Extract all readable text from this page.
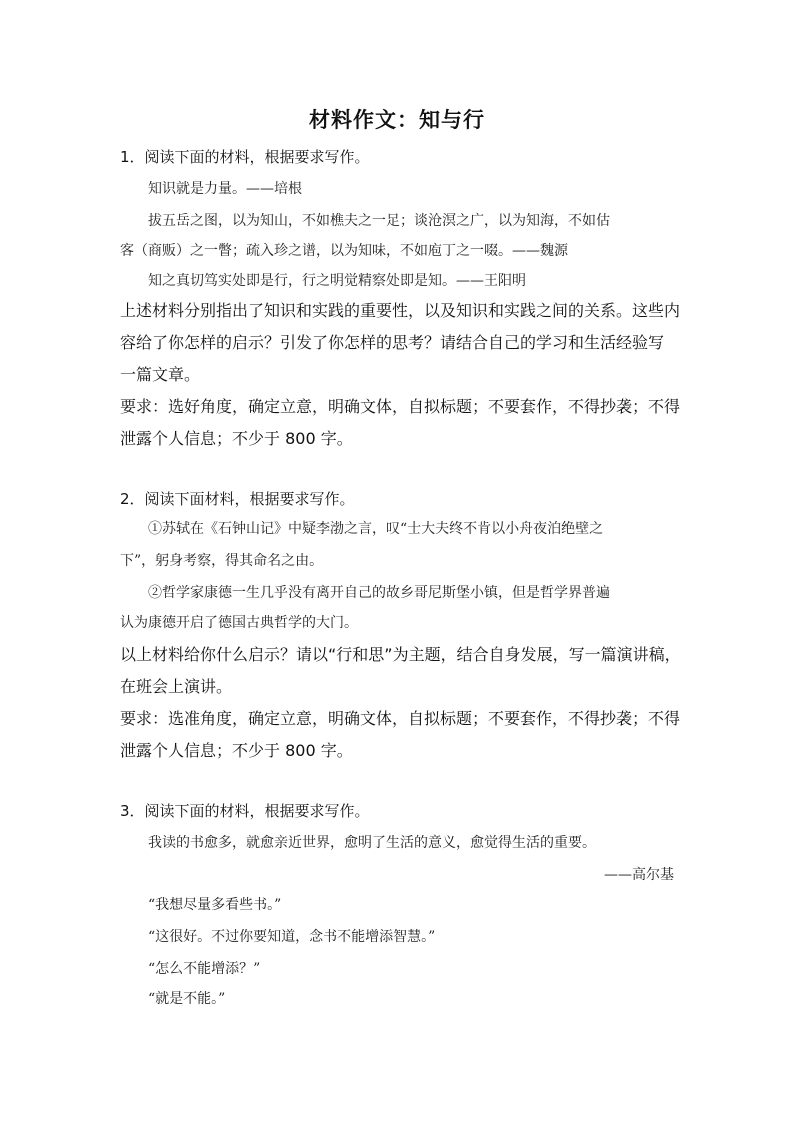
材料作文：知与行
1．阅读下面的材料，根据要求写作。
知识就是力量。——培根
拔五岳之图，以为知山，不如樵夫之一足；谈沧溟之广，以为知海，不如估
客（商贩）之一瞥；疏入珍之谱，以为知味，不如庖丁之一啜。——魏源
知之真切笃实处即是行，行之明觉精察处即是知。——王阳明
上述材料分别指出了知识和实践的重要性，以及知识和实践之间的关系。这些内
容给了你怎样的启示？引发了你怎样的思考？请结合自己的学习和生活经验写
一篇文章。
要求：选好角度，确定立意，明确文体，自拟标题；不要套作，不得抄袭；不得
泄露个人信息；不少于 800 字。
2．阅读下面材料，根据要求写作。
①苏轼在《石钟山记》中疑李渤之言，叹“士大夫终不肯以小舟夜泊绝壁之
下”，躬身考察，得其命名之由。
②哲学家康德一生几乎没有离开自己的故乡哥尼斯堡小镇，但是哲学界普遍
认为康德开启了德国古典哲学的大门。
以上材料给你什么启示？请以“行和思”为主题，结合自身发展，写一篇演讲稿，
在班会上演讲。
要求：选准角度，确定立意，明确文体，自拟标题；不要套作，不得抄袭；不得
泄露个人信息；不少于 800 字。
3．阅读下面的材料，根据要求写作。
我读的书愈多，就愈亲近世界，愈明了生活的意义，愈觉得生活的重要。
——高尔基
“我想尽量多看些书。”
“这很好。不过你要知道，念书不能增添智慧。”
“怎么不能增添？”
“就是不能。”
